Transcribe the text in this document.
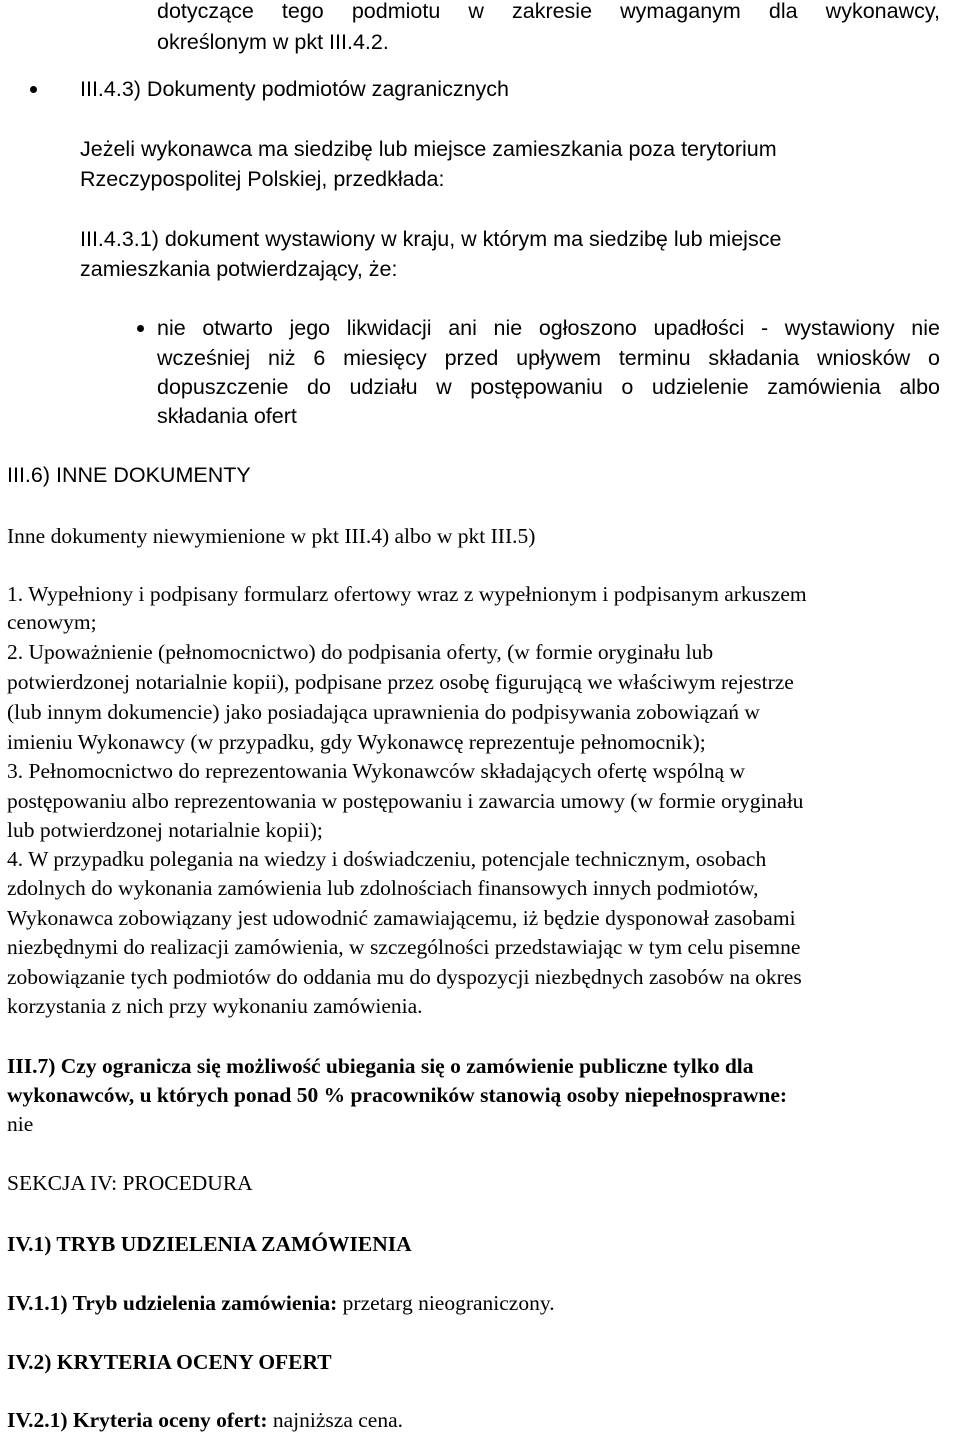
dotyczące tego podmiotu w zakresie wymaganym dla wykonawcy,
określonym w pkt III.4.2.
III.4.3) Dokumenty podmiotów zagranicznych
Jeżeli wykonawca ma siedzibę lub miejsce zamieszkania poza terytorium
Rzeczypospolitej Polskiej, przedkłada:
III.4.3.1) dokument wystawiony w kraju, w którym ma siedzibę lub miejsce
zamieszkania potwierdzający, że:
nie otwarto jego likwidacji ani nie ogłoszono upadłości - wystawiony nie
wcześniej niż 6 miesięcy przed upływem terminu składania wniosków o
dopuszczenie do udziału w postępowaniu o udzielenie zamówienia albo
składania ofert
III.6) INNE DOKUMENTY
Inne dokumenty niewymienione w pkt III.4) albo w pkt III.5)
1. Wypełniony i podpisany formularz ofertowy wraz z wypełnionym i podpisanym arkuszem
cenowym;
2. Upoważnienie (pełnomocnictwo) do podpisania oferty, (w formie oryginału lub
potwierdzonej notarialnie kopii), podpisane przez osobę figurującą we właściwym rejestrze
(lub innym dokumencie) jako posiadająca uprawnienia do podpisywania zobowiązań w
imieniu Wykonawcy (w przypadku, gdy Wykonawcę reprezentuje pełnomocnik);
3. Pełnomocnictwo do reprezentowania Wykonawców składających ofertę wspólną w
postępowaniu albo reprezentowania w postępowaniu i zawarcia umowy (w formie oryginału
lub potwierdzonej notarialnie kopii);
4. W przypadku polegania na wiedzy i doświadczeniu, potencjale technicznym, osobach
zdolnych do wykonania zamówienia lub zdolnościach finansowych innych podmiotów,
Wykonawca zobowiązany jest udowodnić zamawiającemu, iż będzie dysponował zasobami
niezbędnymi do realizacji zamówienia, w szczególności przedstawiając w tym celu pisemne
zobowiązanie tych podmiotów do oddania mu do dyspozycji niezbędnych zasobów na okres
korzystania z nich przy wykonaniu zamówienia.
III.7) Czy ogranicza się możliwość ubiegania się o zamówienie publiczne tylko dla
wykonawców, u których ponad 50 % pracowników stanowią osoby niepełnosprawne:
nie
SEKCJA IV: PROCEDURA
IV.1) TRYB UDZIELENIA ZAMÓWIENIA
IV.1.1) Tryb udzielenia zamówienia: przetarg nieograniczony.
IV.2) KRYTERIA OCENY OFERT
IV.2.1) Kryteria oceny ofert: najniższa cena.
